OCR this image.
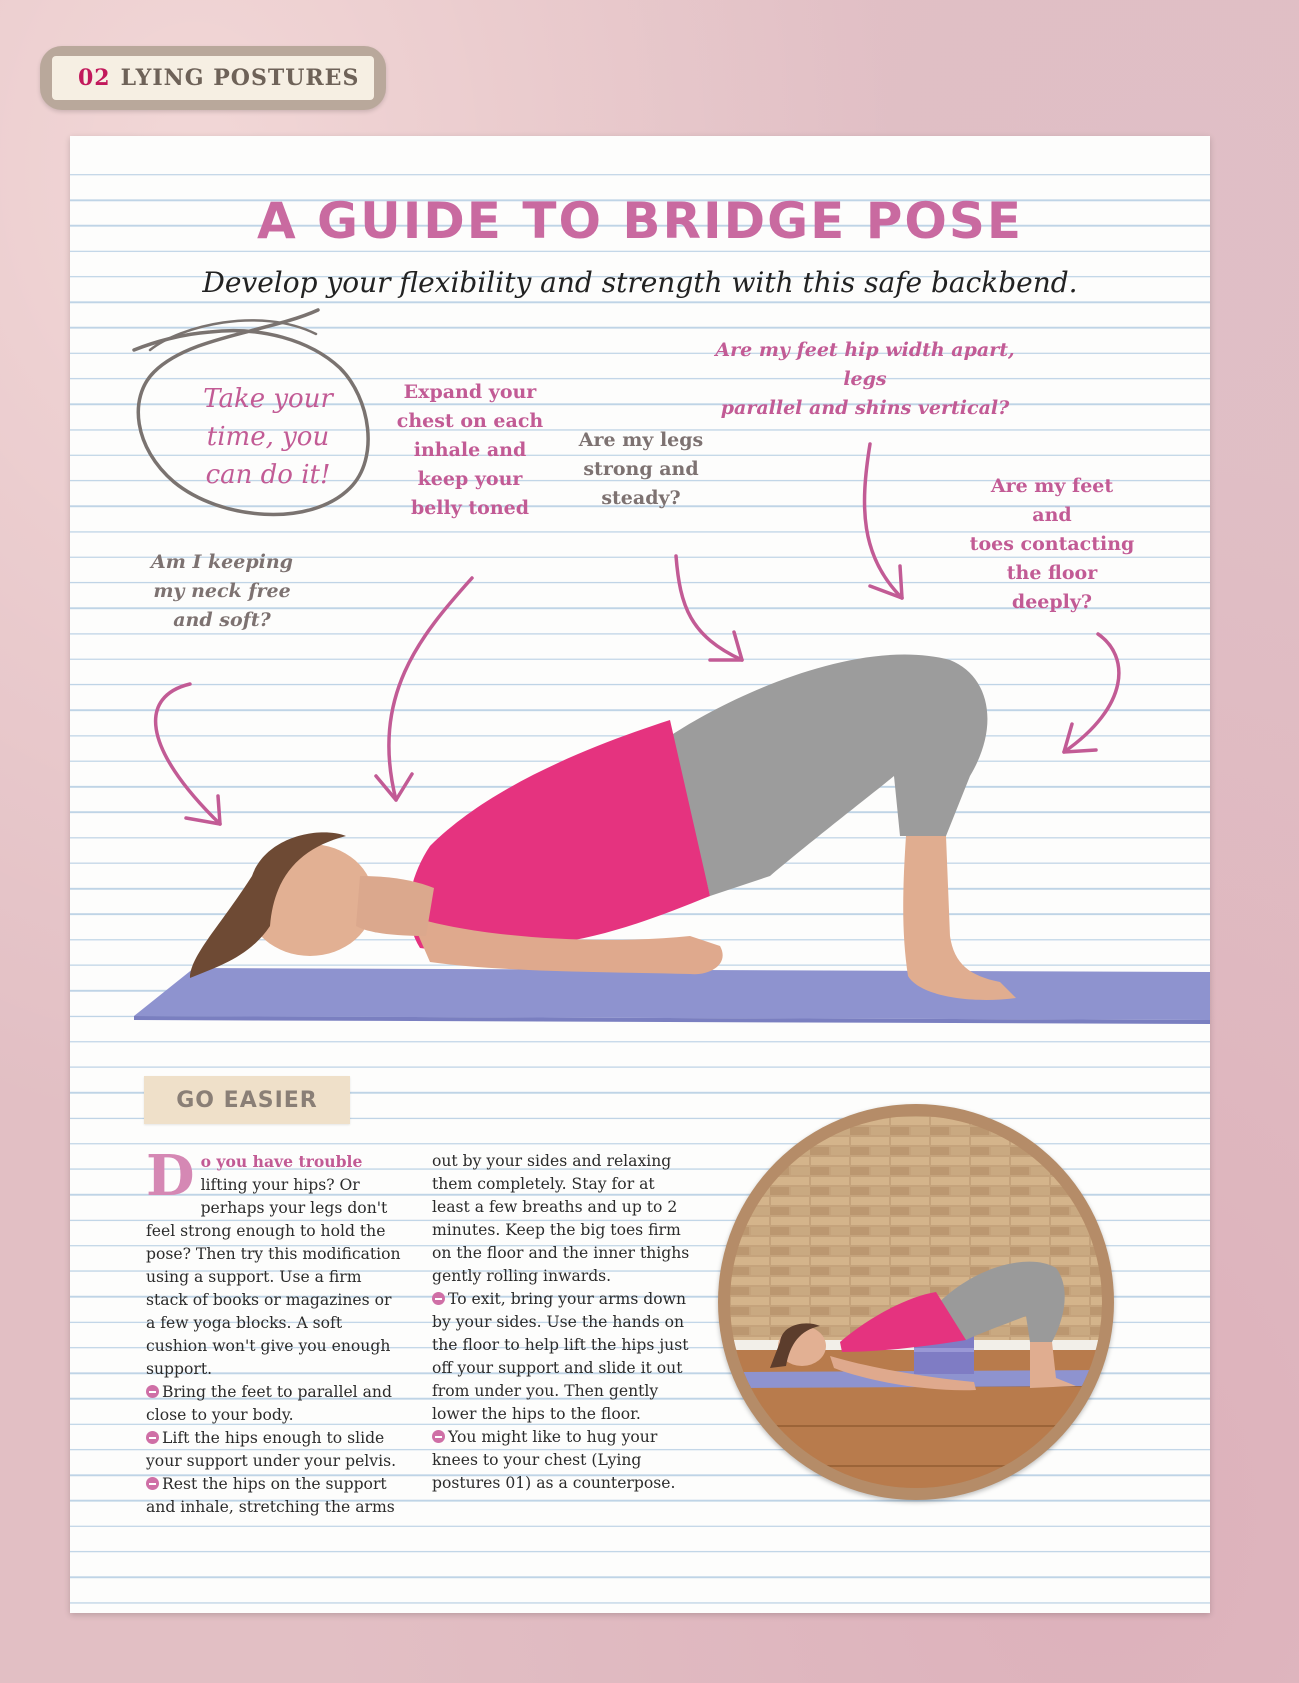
02 LYING POSTURES
A GUIDE TO BRIDGE POSE
Develop your flexibility and strength with this safe backbend.
Take your
time, you
can do it!
Am I keeping
my neck free
and soft?
Expand your
chest on each
inhale and
keep your
belly toned
Are my legs
strong and
steady?
Are my feet hip width apart, legs
parallel and shins vertical?
Are my feet and
toes contacting
the floor
deeply?
GO EASIER

D o you have trouble lifting your hips? Or perhaps your legs don't feel strong enough to hold the pose? Then try this modification using a support. Use a firm stack of books or magazines or a few yoga blocks. A soft cushion won't give you enough support.

Bring the feet to parallel and close to your body.

Lift the hips enough to slide your support under your pelvis.

Rest the hips on the support and inhale, stretching the arms

out by your sides and relaxing them completely. Stay for at least a few breaths and up to 2 minutes. Keep the big toes firm on the floor and the inner thighs gently rolling inwards.

To exit, bring your arms down by your sides. Use the hands on the floor to help lift the hips just off your support and slide it out from under you. Then gently lower the hips to the floor.

You might like to hug your knees to your chest (Lying postures 01) as a counterpose.
